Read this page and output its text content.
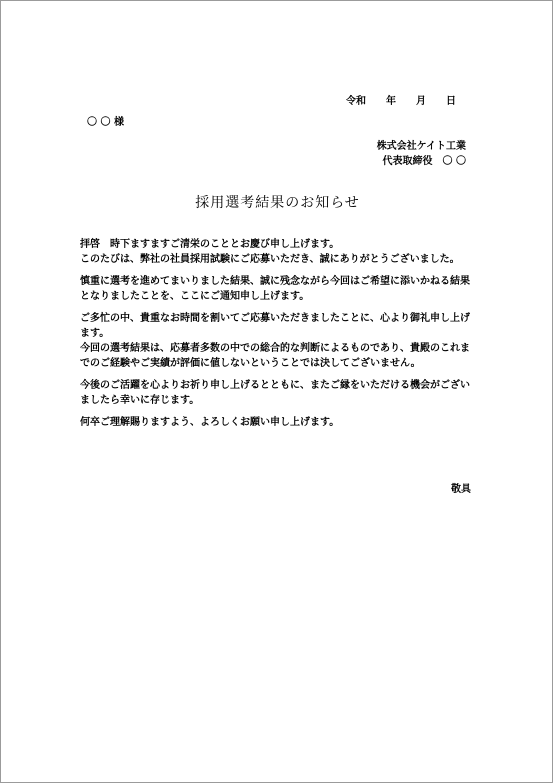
令和　　年　　月　　日
〇 〇 様
株式会社ケイト工業
代表取締役　〇 〇
採用選考結果のお知らせ

拝啓　時下ますますご清栄のこととお慶び申し上げます。

このたびは、弊社の社員採用試験にご応募いただき、誠にありがとうございました。

慎重に選考を進めてまいりました結果、誠に残念ながら今回はご希望に添いかねる結果となりましたことを、ここにご通知申し上げます。

ご多忙の中、貴重なお時間を割いてご応募いただきましたことに、心より御礼申し上げます。

今回の選考結果は、応募者多数の中での総合的な判断によるものであり、貴殿のこれまでのご経験やご実績が評価に値しないということでは決してございません。

今後のご活躍を心よりお祈り申し上げるとともに、またご縁をいただける機会がございましたら幸いに存じます。

何卒ご理解賜りますよう、よろしくお願い申し上げます。

敬具
